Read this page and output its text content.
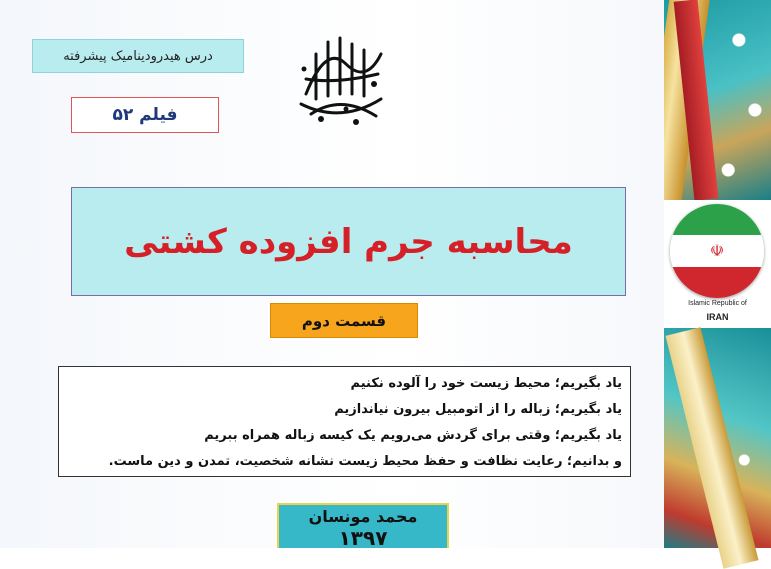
درس هیدرودینامیک پیشرفته
فیلم ۵۲
محاسبه جرم افزوده کشتی
قسمت دوم
یاد بگیریم؛ محیط زیست خود را آلوده نکنیم
یاد بگیریم؛ زباله را از اتومبیل بیرون نیاندازیم
یاد بگیریم؛ وقتی برای گردش می‌رویم یک کیسه زباله همراه ببریم
و بدانیم؛ رعایت نظافت و حفظ محیط زیست نشانه شخصیت، تمدن و دین ماست.
محمد مونسان
۱۳۹۷
☫
Islamic Republic of
IRAN
